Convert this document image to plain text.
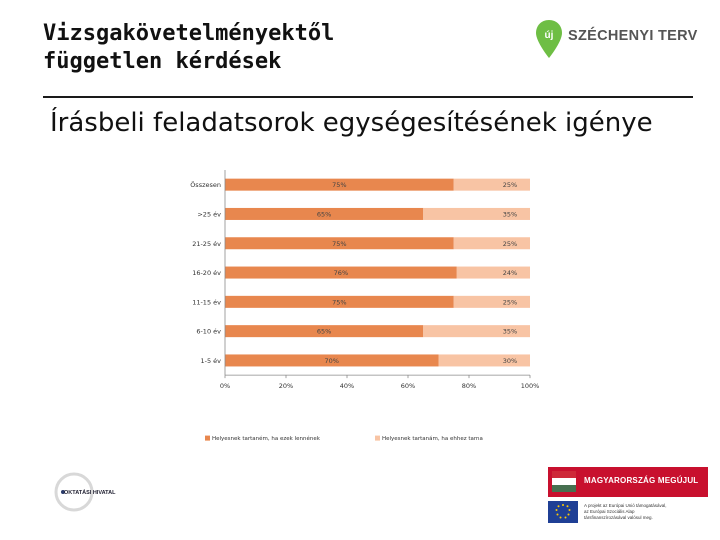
Vizsgakövetelményektől
független kérdések
új SZÉCHENYI TERV
Írásbeli feladatsorok egységesítésének igénye
Összesen	75%	25%
>25 év	65%	35%
21-25 év	75%	25%
16-20 év	76%	24%
11-15 év	75%	25%
6-10 év	65%	35%
1-5 év	70%	30%
0%	20%	40%	60%	80%	100%
Helyesnek tartaném, ha ezek lennének	Helyesnek tartanám, ha ehhez tarna
OKTATÁSI HIVATAL
MAGYARORSZÁG MEGÚJUL
A projekt az Európai Unió támogatásával,
az Európai Szociális Alap
társfinanszírozásával valósul meg.
